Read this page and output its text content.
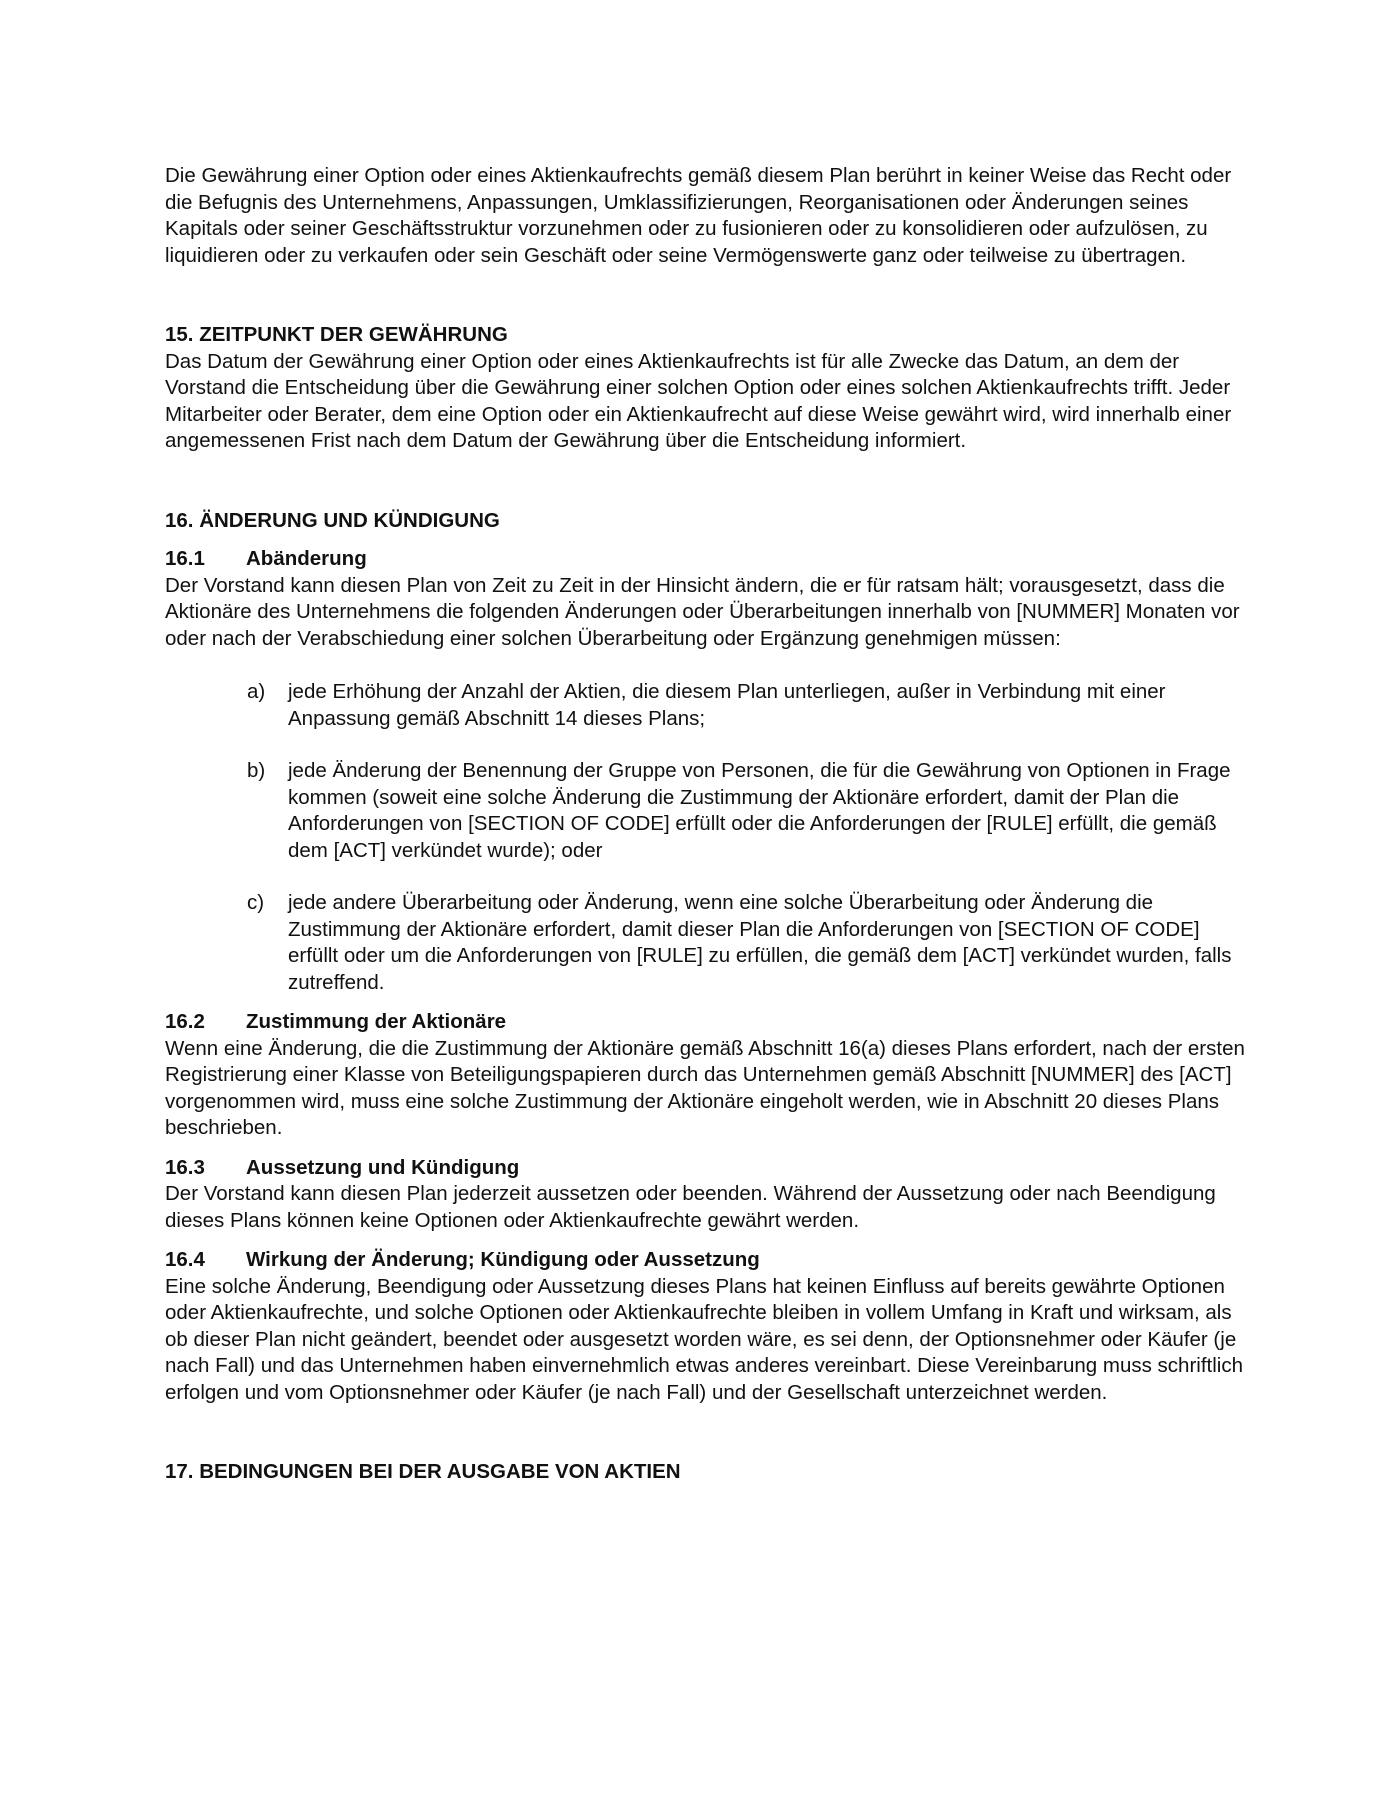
Die Gewährung einer Option oder eines Aktienkaufrechts gemäß diesem Plan berührt in keiner Weise das Recht oder die Befugnis des Unternehmens, Anpassungen, Umklassifizierungen, Reorganisationen oder Änderungen seines Kapitals oder seiner Geschäftsstruktur vorzunehmen oder zu fusionieren oder zu konsolidieren oder aufzulösen, zu liquidieren oder zu verkaufen oder sein Geschäft oder seine Vermögenswerte ganz oder teilweise zu übertragen.

15. ZEITPUNKT DER GEWÄHRUNG

Das Datum der Gewährung einer Option oder eines Aktienkaufrechts ist für alle Zwecke das Datum, an dem der Vorstand die Entscheidung über die Gewährung einer solchen Option oder eines solchen Aktienkaufrechts trifft. Jeder Mitarbeiter oder Berater, dem eine Option oder ein Aktienkaufrecht auf diese Weise gewährt wird, wird innerhalb einer angemessenen Frist nach dem Datum der Gewährung über die Entscheidung informiert.

16. ÄNDERUNG UND KÜNDIGUNG

16.1	Abänderung

Der Vorstand kann diesen Plan von Zeit zu Zeit in der Hinsicht ändern, die er für ratsam hält; vorausgesetzt, dass die Aktionäre des Unternehmens die folgenden Änderungen oder Überarbeitungen innerhalb von [NUMMER] Monaten vor oder nach der Verabschiedung einer solchen Überarbeitung oder Ergänzung genehmigen müssen:

a)	jede Erhöhung der Anzahl der Aktien, die diesem Plan unterliegen, außer in Verbindung mit einer Anpassung gemäß Abschnitt 14 dieses Plans;
b)	jede Änderung der Benennung der Gruppe von Personen, die für die Gewährung von Optionen in Frage kommen (soweit eine solche Änderung die Zustimmung der Aktionäre erfordert, damit der Plan die Anforderungen von [SECTION OF CODE] erfüllt oder die Anforderungen der [RULE] erfüllt, die gemäß dem [ACT] verkündet wurde); oder
c)	jede andere Überarbeitung oder Änderung, wenn eine solche Überarbeitung oder Änderung die Zustimmung der Aktionäre erfordert, damit dieser Plan die Anforderungen von [SECTION OF CODE] erfüllt oder um die Anforderungen von [RULE] zu erfüllen, die gemäß dem [ACT] verkündet wurden, falls zutreffend.
16.2	Zustimmung der Aktionäre

Wenn eine Änderung, die die Zustimmung der Aktionäre gemäß Abschnitt 16(a) dieses Plans erfordert, nach der ersten Registrierung einer Klasse von Beteiligungspapieren durch das Unternehmen gemäß Abschnitt [NUMMER] des [ACT] vorgenommen wird, muss eine solche Zustimmung der Aktionäre eingeholt werden, wie in Abschnitt 20 dieses Plans beschrieben.

16.3	Aussetzung und Kündigung

Der Vorstand kann diesen Plan jederzeit aussetzen oder beenden. Während der Aussetzung oder nach Beendigung dieses Plans können keine Optionen oder Aktienkaufrechte gewährt werden.

16.4	Wirkung der Änderung; Kündigung oder Aussetzung

Eine solche Änderung, Beendigung oder Aussetzung dieses Plans hat keinen Einfluss auf bereits gewährte Optionen oder Aktienkaufrechte, und solche Optionen oder Aktienkaufrechte bleiben in vollem Umfang in Kraft und wirksam, als ob dieser Plan nicht geändert, beendet oder ausgesetzt worden wäre, es sei denn, der Optionsnehmer oder Käufer (je nach Fall) und das Unternehmen haben einvernehmlich etwas anderes vereinbart. Diese Vereinbarung muss schriftlich erfolgen und vom Optionsnehmer oder Käufer (je nach Fall) und der Gesellschaft unterzeichnet werden.

17. BEDINGUNGEN BEI DER AUSGABE VON AKTIEN
